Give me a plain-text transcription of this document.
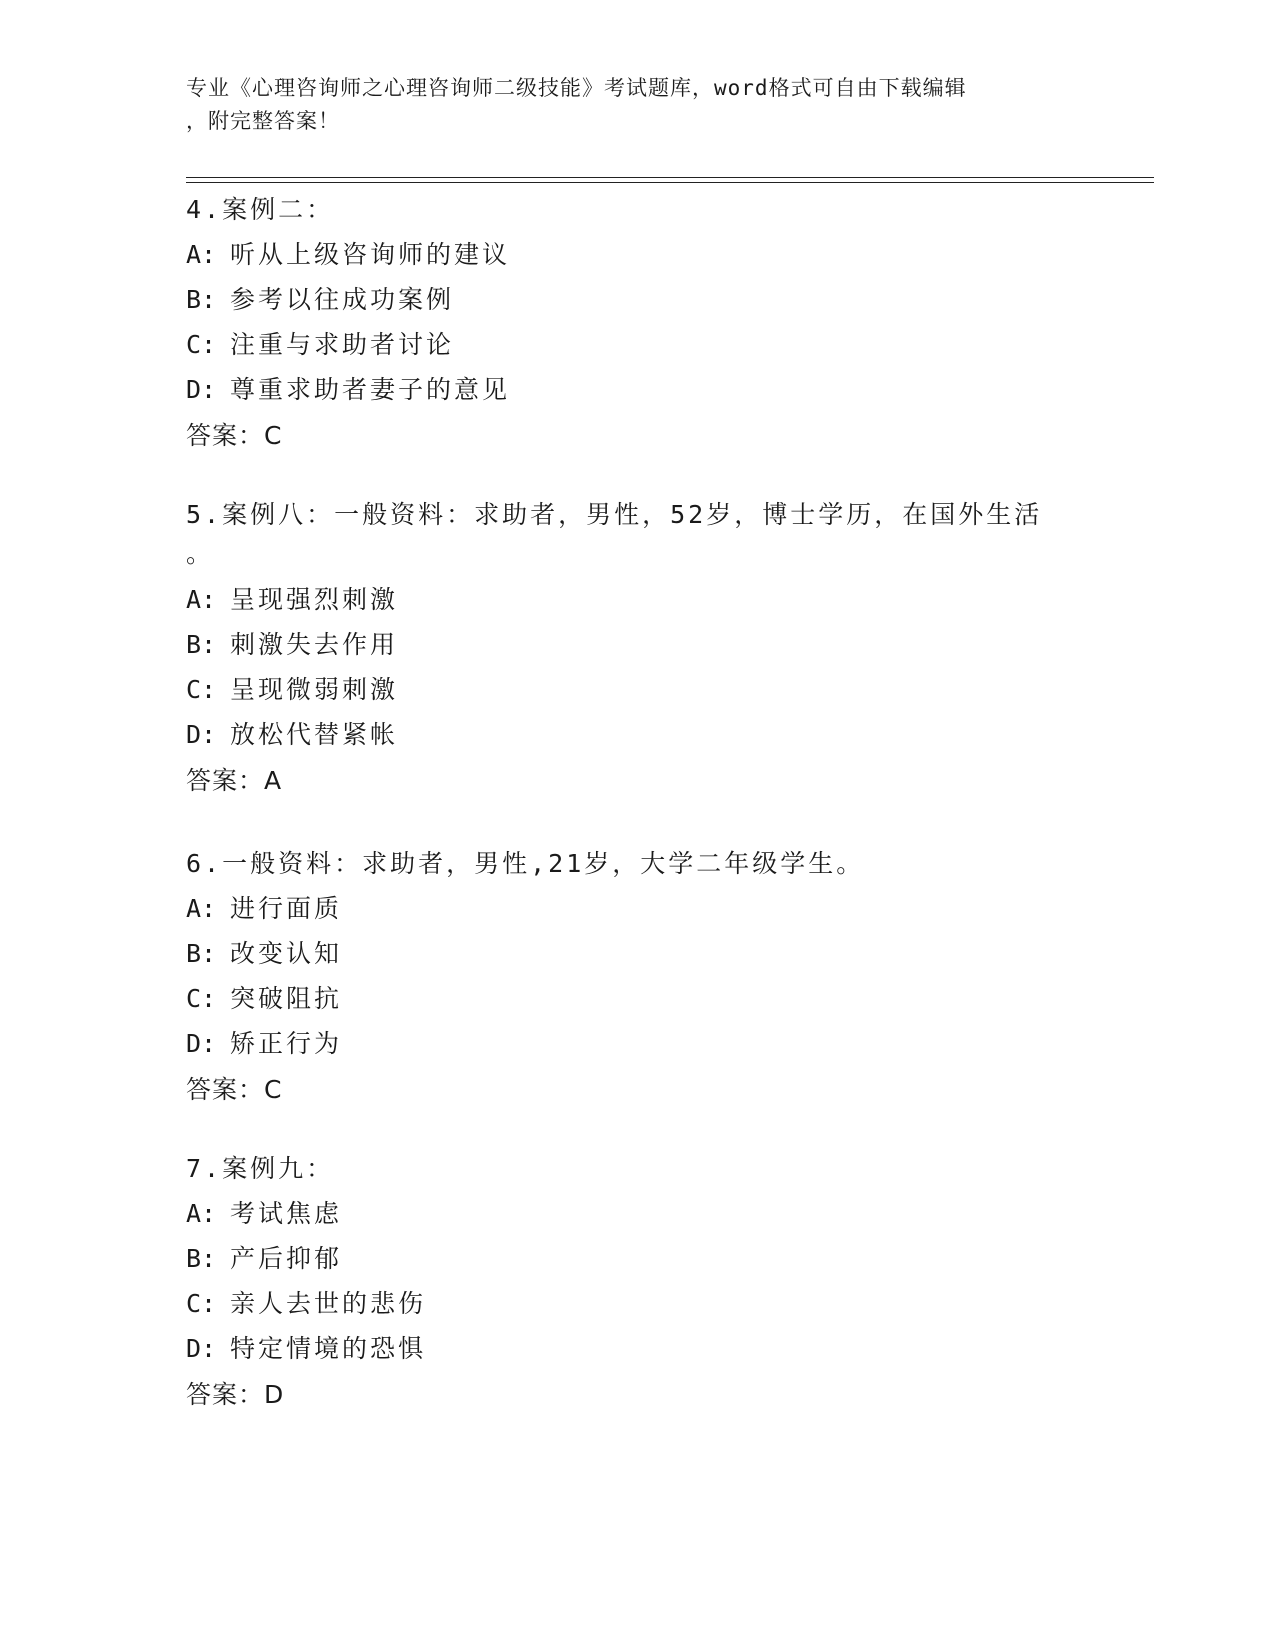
专业《心理咨询师之心理咨询师二级技能》考试题库，word格式可自由下载编辑
，附完整答案！
4.案例二：
A: 听从上级咨询师的建议
B: 参考以往成功案例
C: 注重与求助者讨论
D: 尊重求助者妻子的意见
答案：C
5.案例八：一般资料：求助者，男性，52岁，博士学历，在国外生活
。
A: 呈现强烈刺激
B: 刺激失去作用
C: 呈现微弱刺激
D: 放松代替紧帐
答案：A
6.一般资料：求助者，男性,21岁，大学二年级学生。
A: 进行面质
B: 改变认知
C: 突破阻抗
D: 矫正行为
答案：C
7.案例九：
A: 考试焦虑
B: 产后抑郁
C: 亲人去世的悲伤
D: 特定情境的恐惧
答案：D
